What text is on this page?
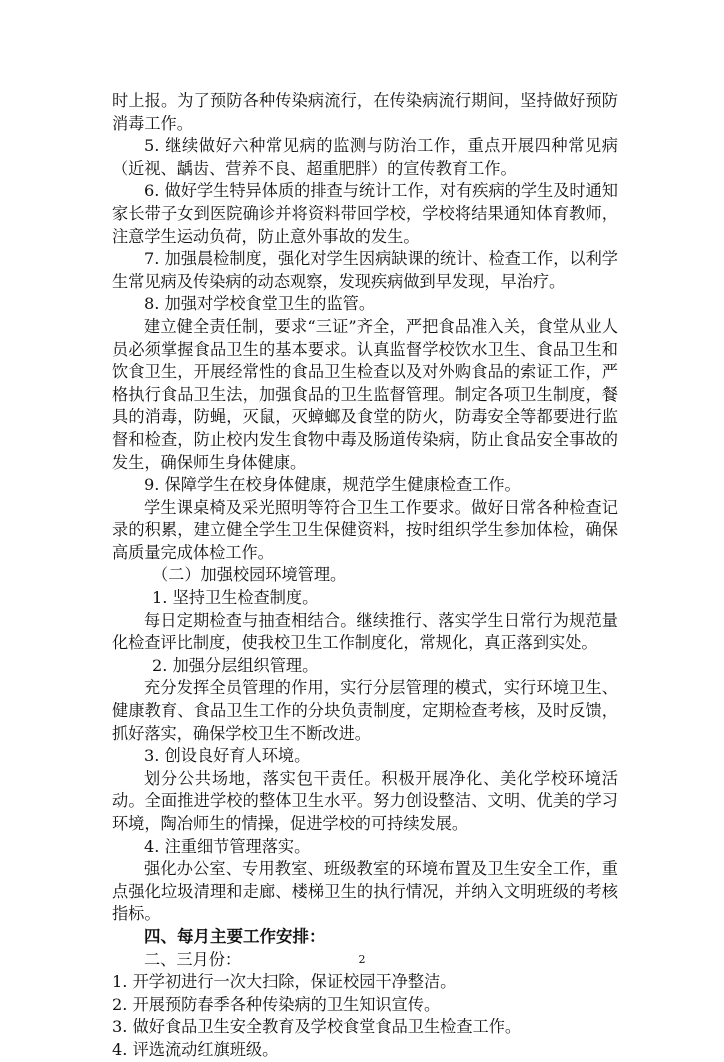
时上报。为了预防各种传染病流行，在传染病流行期间，坚持做好预防消毒工作。

5. 继续做好六种常见病的监测与防治工作，重点开展四种常见病（近视、龋齿、营养不良、超重肥胖）的宣传教育工作。

6. 做好学生特异体质的排查与统计工作，对有疾病的学生及时通知家长带子女到医院确诊并将资料带回学校，学校将结果通知体育教师，注意学生运动负荷，防止意外事故的发生。

7. 加强晨检制度，强化对学生因病缺课的统计、检查工作，以利学生常见病及传染病的动态观察，发现疾病做到早发现，早治疗。

8. 加强对学校食堂卫生的监管。

建立健全责任制，要求“三证”齐全，严把食品准入关，食堂从业人员必须掌握食品卫生的基本要求。认真监督学校饮水卫生、食品卫生和饮食卫生，开展经常性的食品卫生检查以及对外购食品的索证工作，严格执行食品卫生法，加强食品的卫生监督管理。制定各项卫生制度，餐具的消毒，防蝇，灭鼠，灭蟑螂及食堂的防火，防毒安全等都要进行监督和检查，防止校内发生食物中毒及肠道传染病，防止食品安全事故的发生，确保师生身体健康。

9. 保障学生在校身体健康，规范学生健康检查工作。

学生课桌椅及采光照明等符合卫生工作要求。做好日常各种检查记录的积累，建立健全学生卫生保健资料，按时组织学生参加体检，确保高质量完成体检工作。

（二）加强校园环境管理。

1. 坚持卫生检查制度。

每日定期检查与抽查相结合。继续推行、落实学生日常行为规范量化检查评比制度，使我校卫生工作制度化，常规化，真正落到实处。

2. 加强分层组织管理。

充分发挥全员管理的作用，实行分层管理的模式，实行环境卫生、健康教育、食品卫生工作的分块负责制度，定期检查考核，及时反馈，抓好落实，确保学校卫生不断改进。

3. 创设良好育人环境。

划分公共场地，落实包干责任。积极开展净化、美化学校环境活动。全面推进学校的整体卫生水平。努力创设整洁、文明、优美的学习环境，陶冶师生的情操，促进学校的可持续发展。

4. 注重细节管理落实。

强化办公室、专用教室、班级教室的环境布置及卫生安全工作，重点强化垃圾清理和走廊、楼梯卫生的执行情况，并纳入文明班级的考核指标。

四、每月主要工作安排：

二、三月份：

1. 开学初进行一次大扫除，保证校园干净整洁。

2. 开展预防春季各种传染病的卫生知识宣传。

3. 做好食品卫生安全教育及学校食堂食品卫生检查工作。

4. 评选流动红旗班级。

2
